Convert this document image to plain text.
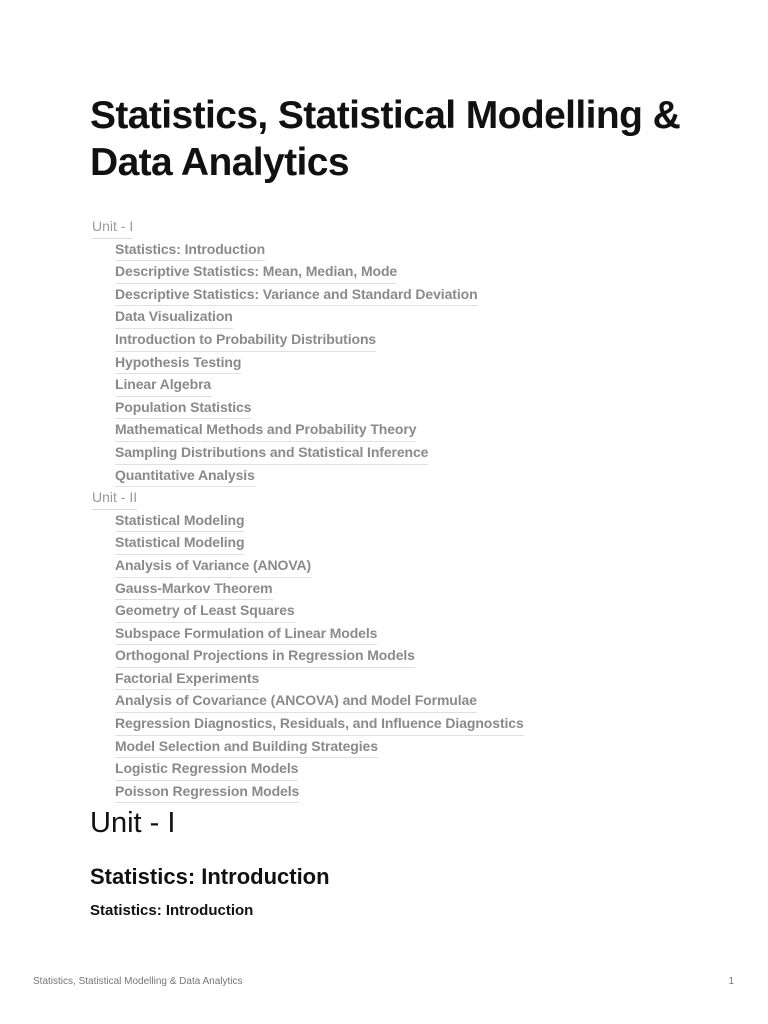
Statistics, Statistical Modelling & Data Analytics
Unit - I
Statistics: Introduction
Descriptive Statistics: Mean, Median, Mode
Descriptive Statistics: Variance and Standard Deviation
Data Visualization
Introduction to Probability Distributions
Hypothesis Testing
Linear Algebra
Population Statistics
Mathematical Methods and Probability Theory
Sampling Distributions and Statistical Inference
Quantitative Analysis
Unit - II
Statistical Modeling
Statistical Modeling
Analysis of Variance (ANOVA)
Gauss-Markov Theorem
Geometry of Least Squares
Subspace Formulation of Linear Models
Orthogonal Projections in Regression Models
Factorial Experiments
Analysis of Covariance (ANCOVA) and Model Formulae
Regression Diagnostics, Residuals, and Influence Diagnostics
Model Selection and Building Strategies
Logistic Regression Models
Poisson Regression Models
Unit - I
Statistics: Introduction
Statistics: Introduction
Statistics, Statistical Modelling & Data Analytics	1
